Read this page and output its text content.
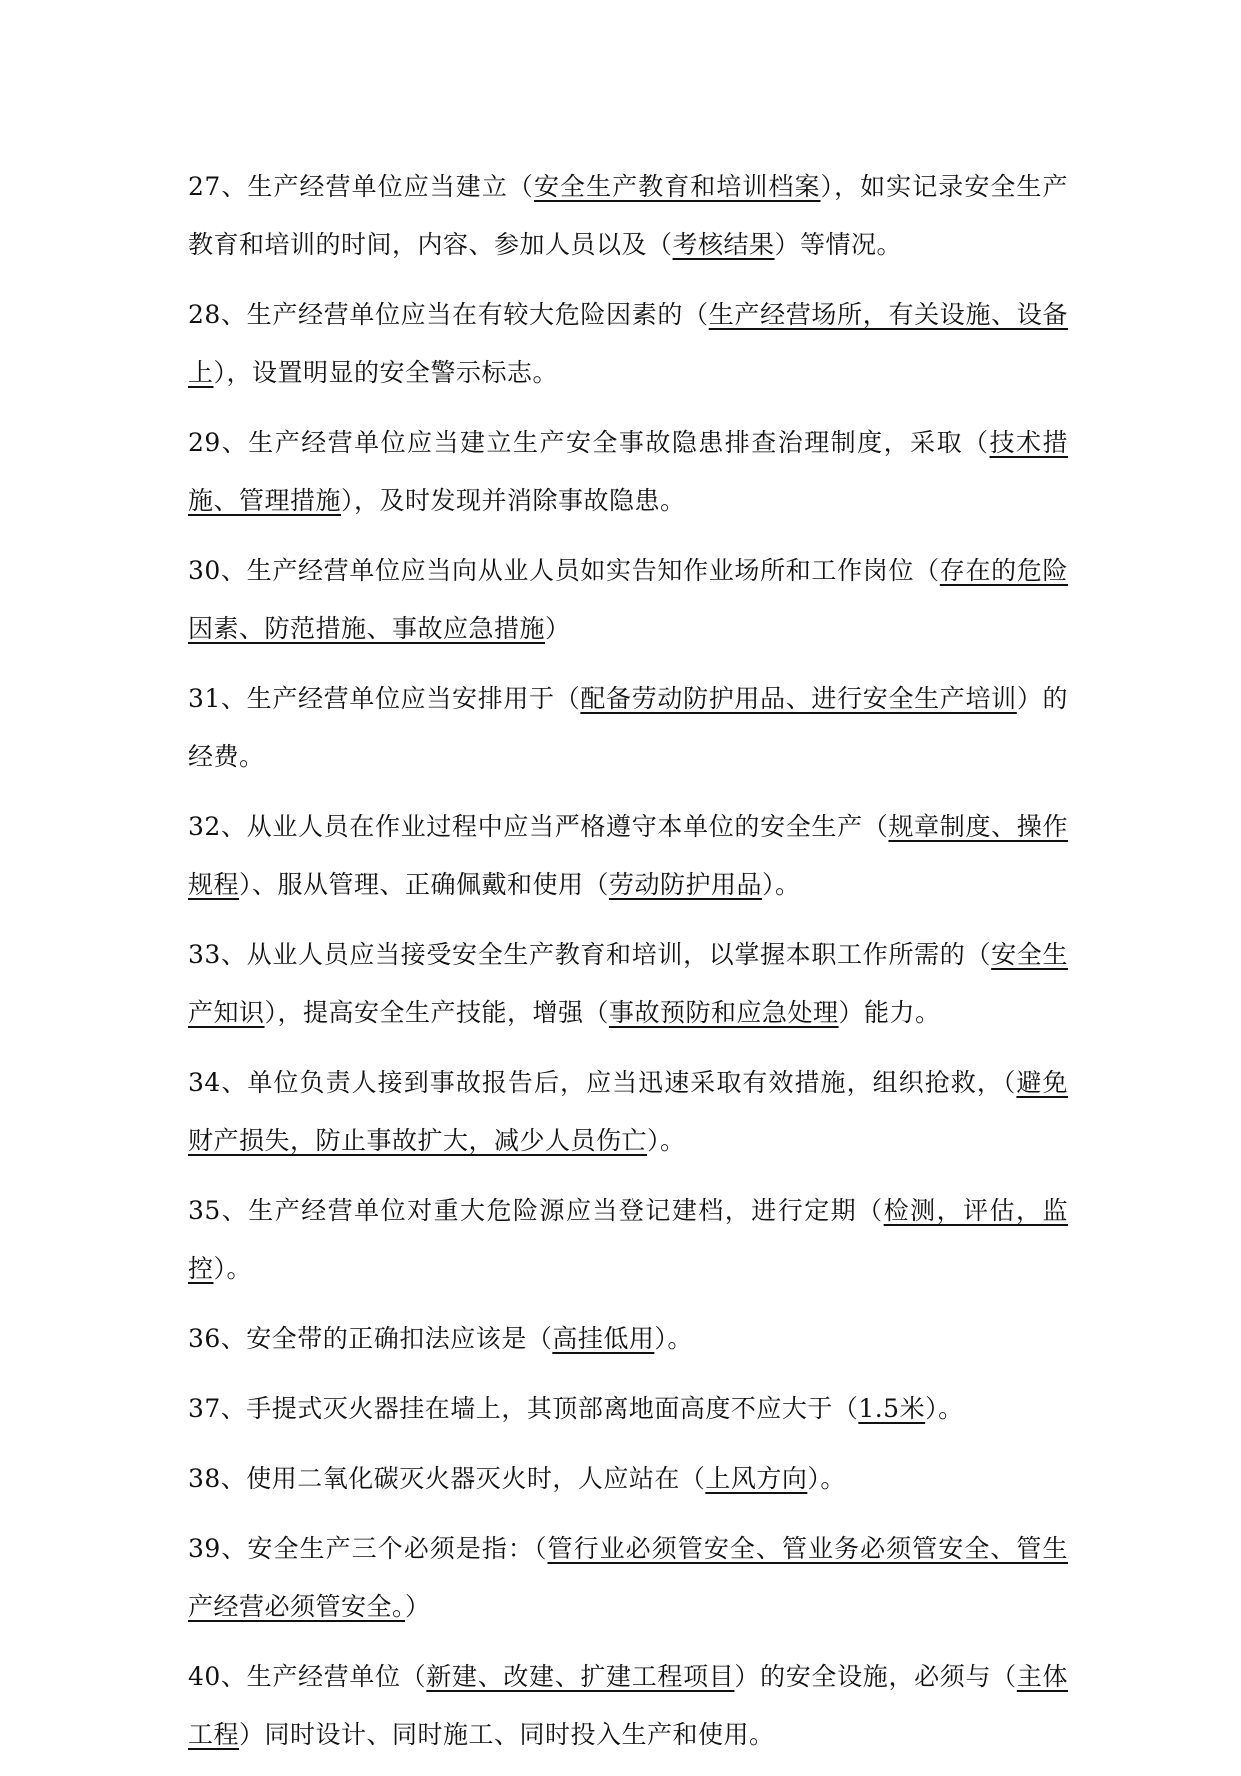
27、生产经营单位应当建立（安全生产教育和培训档案），如实记录安全生产教育和培训的时间，内容、参加人员以及（考核结果）等情况。

28、生产经营单位应当在有较大危险因素的（生产经营场所，有关设施、设备上），设置明显的安全警示标志。

29、生产经营单位应当建立生产安全事故隐患排查治理制度，采取（技术措施、管理措施），及时发现并消除事故隐患。

30、生产经营单位应当向从业人员如实告知作业场所和工作岗位（存在的危险因素、防范措施、事故应急措施）

31、生产经营单位应当安排用于（配备劳动防护用品、进行安全生产培训）的经费。

32、从业人员在作业过程中应当严格遵守本单位的安全生产（规章制度、操作规程）、服从管理、正确佩戴和使用（劳动防护用品）。

33、从业人员应当接受安全生产教育和培训，以掌握本职工作所需的（安全生产知识），提高安全生产技能，增强（事故预防和应急处理）能力。

34、单位负责人接到事故报告后，应当迅速采取有效措施，组织抢救，（避免财产损失，防止事故扩大，减少人员伤亡）。

35、生产经营单位对重大危险源应当登记建档，进行定期（检测，评估，监控）。

36、安全带的正确扣法应该是（高挂低用）。

37、手提式灭火器挂在墙上，其顶部离地面高度不应大于（1.5米）。

38、使用二氧化碳灭火器灭火时，人应站在（上风方向）。

39、安全生产三个必须是指：（管行业必须管安全、管业务必须管安全、管生产经营必须管安全。）

40、生产经营单位（新建、改建、扩建工程项目）的安全设施，必须与（主体工程）同时设计、同时施工、同时投入生产和使用。
